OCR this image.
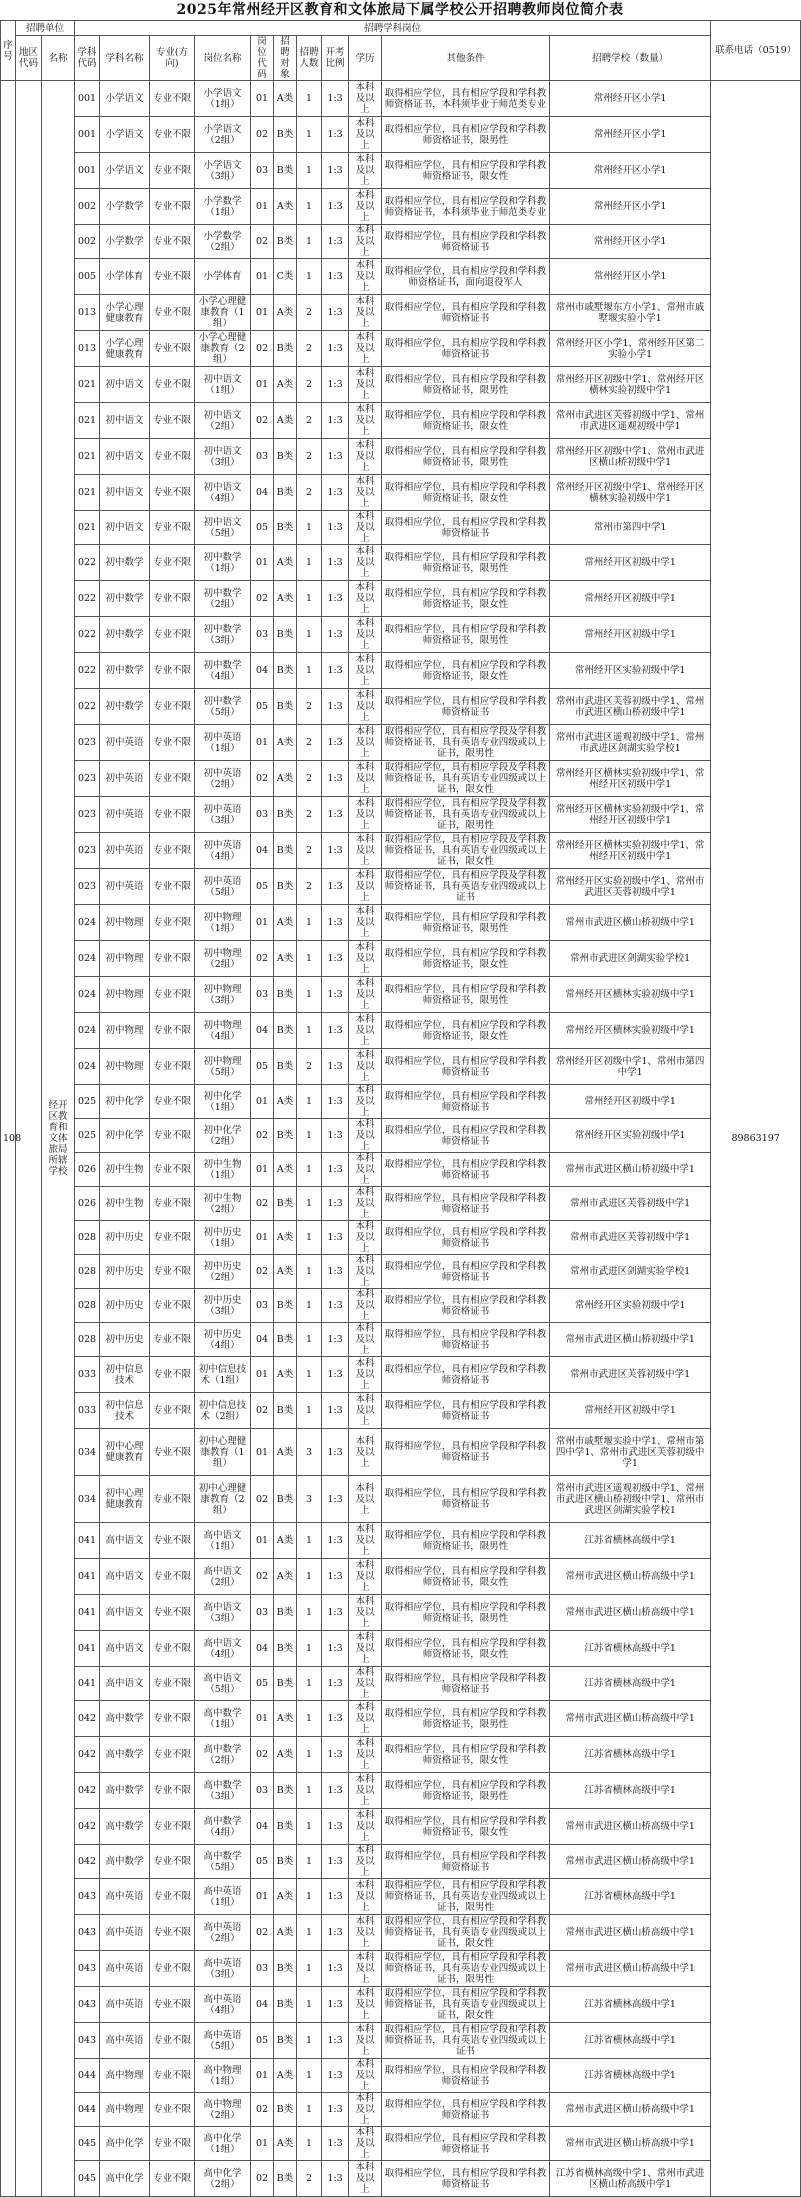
2025年常州经开区教育和文体旅局下属学校公开招聘教师岗位简介表
序号	招聘单位		招聘学科岗位											联系电话（0519）
	地区代码	名称	学科代码	学科名称	专业(方向)	岗位名称	岗位代码	招聘对象	招聘人数	开考比例	学历	其他条件	招聘学校（数量）	
108		经开区教育和文体旅局所辖学校	001	小学语文	专业不限	小学语文（1组）	01	A类	1	1:3	本科及以上	取得相应学位，具有相应学段和学科教师资格证书，本科须毕业于师范类专业	常州经开区小学1	89863197
			001	小学语文	专业不限	小学语文（2组）	02	B类	1	1:3	本科及以上	取得相应学位，具有相应学段和学科教师资格证书，限男性	常州经开区小学1	
			001	小学语文	专业不限	小学语文（3组）	03	B类	1	1:3	本科及以上	取得相应学位，具有相应学段和学科教师资格证书，限女性	常州经开区小学1	
			002	小学数学	专业不限	小学数学（1组）	01	A类	1	1:3	本科及以上	取得相应学位，具有相应学段和学科教师资格证书，本科须毕业于师范类专业	常州经开区小学1	
			002	小学数学	专业不限	小学数学（2组）	02	B类	1	1:3	本科及以上	取得相应学位，具有相应学段和学科教师资格证书	常州经开区小学1	
			005	小学体育	专业不限	小学体育	01	C类	1	1:3	本科及以上	取得相应学位，具有相应学段和学科教师资格证书，面向退役军人	常州经开区小学1	
			013	小学心理健康教育	专业不限	小学心理健康教育（1组）	01	A类	2	1:3	本科及以上	取得相应学位，具有相应学段和学科教师资格证书	常州市戚墅堰东方小学1、常州市戚墅堰实验小学1	
			013	小学心理健康教育	专业不限	小学心理健康教育（2组）	02	B类	2	1:3	本科及以上	取得相应学位，具有相应学段和学科教师资格证书	常州经开区小学1、常州经开区第二实验小学1	
			021	初中语文	专业不限	初中语文（1组）	01	A类	2	1:3	本科及以上	取得相应学位，具有相应学段和学科教师资格证书，限男性	常州经开区初级中学1、常州经开区横林实验初级中学1	
			021	初中语文	专业不限	初中语文（2组）	02	A类	2	1:3	本科及以上	取得相应学位，具有相应学段和学科教师资格证书，限女性	常州市武进区芙蓉初级中学1、常州市武进区遥观初级中学1	
			021	初中语文	专业不限	初中语文（3组）	03	B类	2	1:3	本科及以上	取得相应学位，具有相应学段和学科教师资格证书，限男性	常州经开区初级中学1、常州市武进区横山桥初级中学1	
			021	初中语文	专业不限	初中语文（4组）	04	B类	2	1:3	本科及以上	取得相应学位，具有相应学段和学科教师资格证书，限女性	常州经开区初级中学1、常州经开区横林实验初级中学1	
			021	初中语文	专业不限	初中语文（5组）	05	B类	1	1:3	本科及以上	取得相应学位，具有相应学段和学科教师资格证书	常州市第四中学1	
			022	初中数学	专业不限	初中数学（1组）	01	A类	1	1:3	本科及以上	取得相应学位，具有相应学段和学科教师资格证书，限男性	常州经开区初级中学1	
			022	初中数学	专业不限	初中数学（2组）	02	A类	1	1:3	本科及以上	取得相应学位，具有相应学段和学科教师资格证书，限女性	常州经开区初级中学1	
			022	初中数学	专业不限	初中数学（3组）	03	B类	1	1:3	本科及以上	取得相应学位，具有相应学段和学科教师资格证书，限男性	常州经开区初级中学1	
			022	初中数学	专业不限	初中数学（4组）	04	B类	1	1:3	本科及以上	取得相应学位，具有相应学段和学科教师资格证书，限女性	常州经开区实验初级中学1	
			022	初中数学	专业不限	初中数学（5组）	05	B类	2	1:3	本科及以上	取得相应学位，具有相应学段和学科教师资格证书	常州市武进区芙蓉初级中学1、常州市武进区横山桥初级中学1	
			023	初中英语	专业不限	初中英语（1组）	01	A类	2	1:3	本科及以上	取得相应学位，具有相应学段及学科教师资格证书，具有英语专业四级或以上证书，限男性	常州市武进区遥观初级中学1、常州市武进区剑湖实验学校1	
			023	初中英语	专业不限	初中英语（2组）	02	A类	2	1:3	本科及以上	取得相应学位，具有相应学段及学科教师资格证书，具有英语专业四级或以上证书，限女性	常州经开区横林实验初级中学1、常州经开区初级中学1	
			023	初中英语	专业不限	初中英语（3组）	03	B类	2	1:3	本科及以上	取得相应学位，具有相应学段及学科教师资格证书，具有英语专业四级或以上证书，限男性	常州经开区横林实验初级中学1、常州经开区初级中学1	
			023	初中英语	专业不限	初中英语（4组）	04	B类	2	1:3	本科及以上	取得相应学位，具有相应学段及学科教师资格证书，具有英语专业四级或以上证书，限女性	常州经开区横林实验初级中学1、常州经开区初级中学1	
			023	初中英语	专业不限	初中英语（5组）	05	B类	2	1:3	本科及以上	取得相应学位，具有相应学段及学科教师资格证书，具有英语专业四级或以上证书	常州经开区实验初级中学1、常州市武进区芙蓉初级中学1	
			024	初中物理	专业不限	初中物理（1组）	01	A类	1	1:3	本科及以上	取得相应学位，具有相应学段和学科教师资格证书，限男性	常州市武进区横山桥初级中学1	
			024	初中物理	专业不限	初中物理（2组）	02	A类	1	1:3	本科及以上	取得相应学位，具有相应学段和学科教师资格证书，限女性	常州市武进区剑湖实验学校1	
			024	初中物理	专业不限	初中物理（3组）	03	B类	1	1:3	本科及以上	取得相应学位，具有相应学段和学科教师资格证书，限男性	常州经开区横林实验初级中学1	
			024	初中物理	专业不限	初中物理（4组）	04	B类	1	1:3	本科及以上	取得相应学位，具有相应学段和学科教师资格证书，限女性	常州经开区横林实验初级中学1	
			024	初中物理	专业不限	初中物理（5组）	05	B类	2	1:3	本科及以上	取得相应学位，具有相应学段和学科教师资格证书	常州经开区初级中学1、常州市第四中学1	
			025	初中化学	专业不限	初中化学（1组）	01	A类	1	1:3	本科及以上	取得相应学位，具有相应学段和学科教师资格证书	常州经开区初级中学1	
			025	初中化学	专业不限	初中化学（2组）	02	B类	1	1:3	本科及以上	取得相应学位，具有相应学段和学科教师资格证书	常州经开区实验初级中学1	
			026	初中生物	专业不限	初中生物（1组）	01	A类	1	1:3	本科及以上	取得相应学位，具有相应学段和学科教师资格证书	常州市武进区横山桥初级中学1	
			026	初中生物	专业不限	初中生物（2组）	02	B类	1	1:3	本科及以上	取得相应学位，具有相应学段和学科教师资格证书	常州市武进区芙蓉初级中学1	
			028	初中历史	专业不限	初中历史（1组）	01	A类	1	1:3	本科及以上	取得相应学位，具有相应学段和学科教师资格证书	常州市武进区芙蓉初级中学1	
			028	初中历史	专业不限	初中历史（2组）	02	A类	1	1:3	本科及以上	取得相应学位，具有相应学段和学科教师资格证书	常州市武进区剑湖实验学校1	
			028	初中历史	专业不限	初中历史（3组）	03	B类	1	1:3	本科及以上	取得相应学位，具有相应学段和学科教师资格证书	常州经开区实验初级中学1	
			028	初中历史	专业不限	初中历史（4组）	04	B类	1	1:3	本科及以上	取得相应学位，具有相应学段和学科教师资格证书	常州市武进区横山桥初级中学1	
			033	初中信息技术	专业不限	初中信息技术（1组）	01	A类	1	1:3	本科及以上	取得相应学位，具有相应学段和学科教师资格证书	常州市武进区芙蓉初级中学1	
			033	初中信息技术	专业不限	初中信息技术（2组）	02	B类	1	1:3	本科及以上	取得相应学位，具有相应学段和学科教师资格证书	常州经开区初级中学1	
			034	初中心理健康教育	专业不限	初中心理健康教育（1组）	01	A类	3	1:3	本科及以上	取得相应学位，具有相应学段和学科教师资格证书	常州市戚墅堰实验中学1、常州市第四中学1、常州市武进区芙蓉初级中学1	
			034	初中心理健康教育	专业不限	初中心理健康教育（2组）	02	B类	3	1:3	本科及以上	取得相应学位，具有相应学段和学科教师资格证书	常州市武进区遥观初级中学1、常州市武进区横山桥初级中学1、常州市武进区剑湖实验学校1	
			041	高中语文	专业不限	高中语文（1组）	01	A类	1	1:3	本科及以上	取得相应学位，具有相应学段和学科教师资格证书，限男性	江苏省横林高级中学1	
			041	高中语文	专业不限	高中语文（2组）	02	A类	1	1:3	本科及以上	取得相应学位，具有相应学段和学科教师资格证书，限女性	常州市武进区横山桥高级中学1	
			041	高中语文	专业不限	高中语文（3组）	03	B类	1	1:3	本科及以上	取得相应学位，具有相应学段和学科教师资格证书，限男性	常州市武进区横山桥高级中学1	
			041	高中语文	专业不限	高中语文（4组）	04	B类	1	1:3	本科及以上	取得相应学位，具有相应学段和学科教师资格证书，限女性	江苏省横林高级中学1	
			041	高中语文	专业不限	高中语文（5组）	05	B类	1	1:3	本科及以上	取得相应学位，具有相应学段和学科教师资格证书	江苏省横林高级中学1	
			042	高中数学	专业不限	高中数学（1组）	01	A类	1	1:3	本科及以上	取得相应学位，具有相应学段和学科教师资格证书，限男性	常州市武进区横山桥高级中学1	
			042	高中数学	专业不限	高中数学（2组）	02	A类	1	1:3	本科及以上	取得相应学位，具有相应学段和学科教师资格证书，限女性	江苏省横林高级中学1	
			042	高中数学	专业不限	高中数学（3组）	03	B类	1	1:3	本科及以上	取得相应学位，具有相应学段和学科教师资格证书，限男性	江苏省横林高级中学1	
			042	高中数学	专业不限	高中数学（4组）	04	B类	1	1:3	本科及以上	取得相应学位，具有相应学段和学科教师资格证书，限女性	常州市武进区横山桥高级中学1	
			042	高中数学	专业不限	高中数学（5组）	05	B类	1	1:3	本科及以上	取得相应学位，具有相应学段和学科教师资格证书	常州市武进区横山桥高级中学1	
			043	高中英语	专业不限	高中英语（1组）	01	A类	1	1:3	本科及以上	取得相应学位，具有相应学段和学科教师资格证书，具有英语专业四级或以上证书，限男性	江苏省横林高级中学1	
			043	高中英语	专业不限	高中英语（2组）	02	A类	1	1:3	本科及以上	取得相应学位，具有相应学段和学科教师资格证书，具有英语专业四级或以上证书，限女性	常州市武进区横山桥高级中学1	
			043	高中英语	专业不限	高中英语（3组）	03	B类	1	1:3	本科及以上	取得相应学位，具有相应学段和学科教师资格证书，具有英语专业四级或以上证书，限男性	常州市武进区横山桥高级中学1	
			043	高中英语	专业不限	高中英语（4组）	04	B类	1	1:3	本科及以上	取得相应学位，具有相应学段和学科教师资格证书，具有英语专业四级或以上证书，限女性	江苏省横林高级中学1	
			043	高中英语	专业不限	高中英语（5组）	05	B类	1	1:3	本科及以上	取得相应学位，具有相应学段和学科教师资格证书，具有英语专业四级或以上证书	江苏省横林高级中学1	
			044	高中物理	专业不限	高中物理（1组）	01	A类	1	1:3	本科及以上	取得相应学位，具有相应学段和学科教师资格证书	江苏省横林高级中学1	
			044	高中物理	专业不限	高中物理（2组）	02	B类	1	1:3	本科及以上	取得相应学位，具有相应学段和学科教师资格证书	常州市武进区横山桥高级中学1	
			045	高中化学	专业不限	高中化学（1组）	01	A类	1	1:3	本科及以上	取得相应学位，具有相应学段和学科教师资格证书	常州市武进区横山桥高级中学1	
			045	高中化学	专业不限	高中化学（2组）	02	B类	2	1:3	本科及以上	取得相应学位，具有相应学段和学科教师资格证书	江苏省横林高级中学1、常州市武进区横山桥高级中学1	
